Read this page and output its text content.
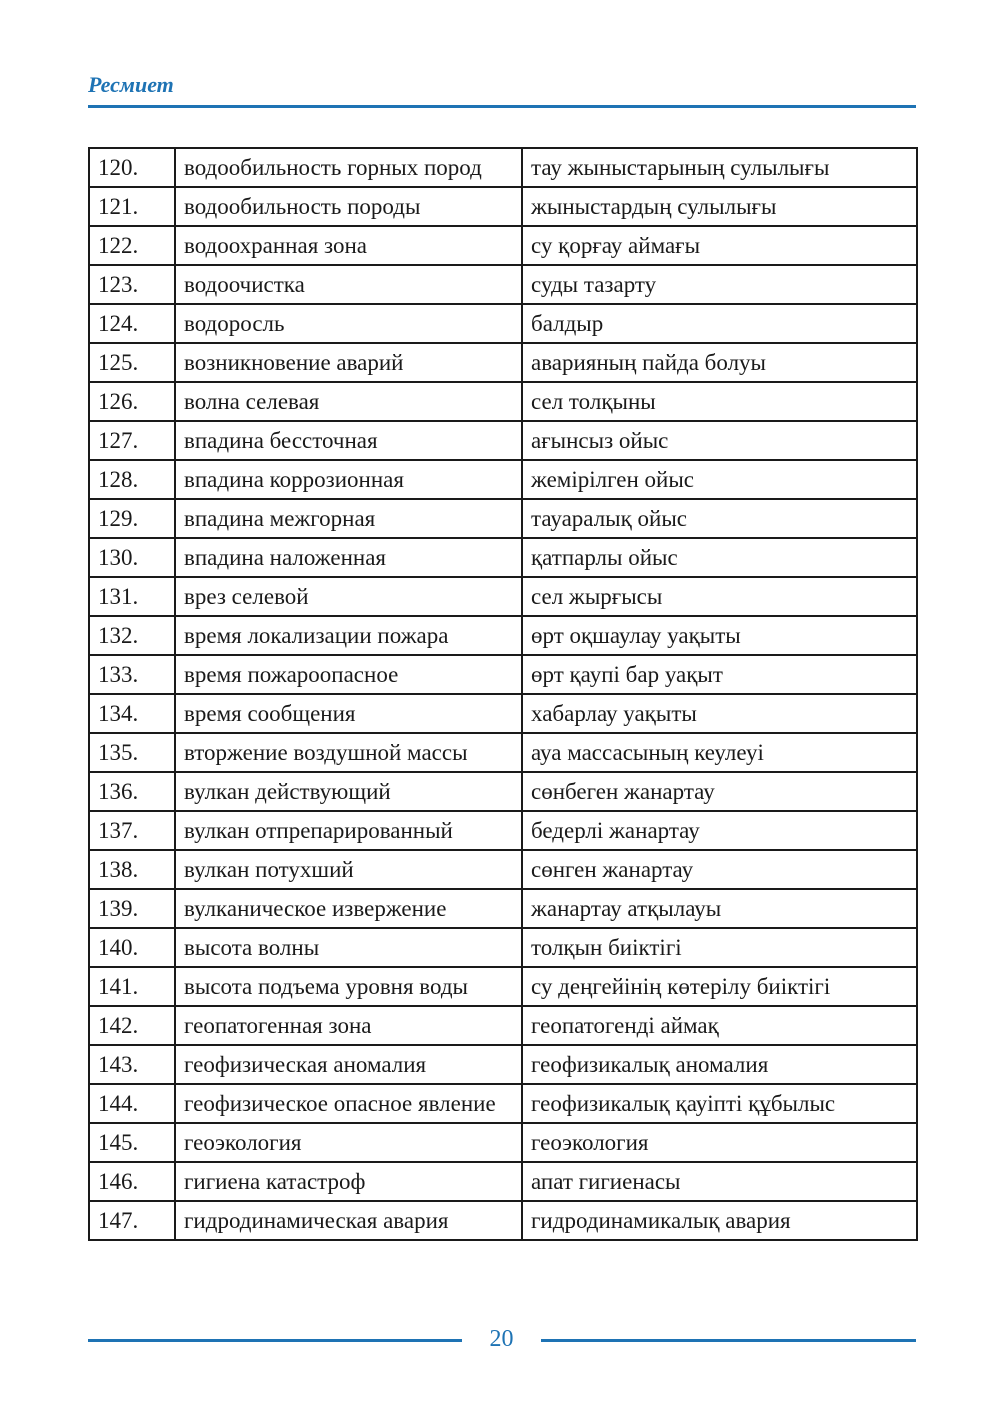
Ресмиет
120.	водообильность горных пород	тау жыныстарының сулылығы
121.	водообильность породы	жыныстардың сулылығы
122.	водоохранная зона	су қорғау аймағы
123.	водоочистка	суды тазарту
124.	водоросль	балдыр
125.	возникновение аварий	аварияның пайда болуы
126.	волна селевая	сел толқыны
127.	впадина бессточная	ағынсыз ойыс
128.	впадина коррозионная	жемірілген ойыс
129.	впадина межгорная	тауаралық ойыс
130.	впадина наложенная	қатпарлы ойыс
131.	врез селевой	сел жырғысы
132.	время локализации пожара	өрт оқшаулау уақыты
133.	время пожароопасное	өрт қаупі бар уақыт
134.	время сообщения	хабарлау уақыты
135.	вторжение воздушной массы	ауа массасының кеулеуі
136.	вулкан действующий	сөнбеген жанартау
137.	вулкан отпрепарированный	бедерлі жанартау
138.	вулкан потухший	сөнген жанартау
139.	вулканическое извержение	жанартау атқылауы
140.	высота волны	толқын биіктігі
141.	высота подъема уровня воды	су деңгейінің көтерілу биіктігі
142.	геопатогенная зона	геопатогенді аймақ
143.	геофизическая аномалия	геофизикалық аномалия
144.	геофизическое опасное явление	геофизикалық қауіпті құбылыс
145.	геоэкология	геоэкология
146.	гигиена катастроф	апат гигиенасы
147.	гидродинамическая авария	гидродинамикалық авария
20
